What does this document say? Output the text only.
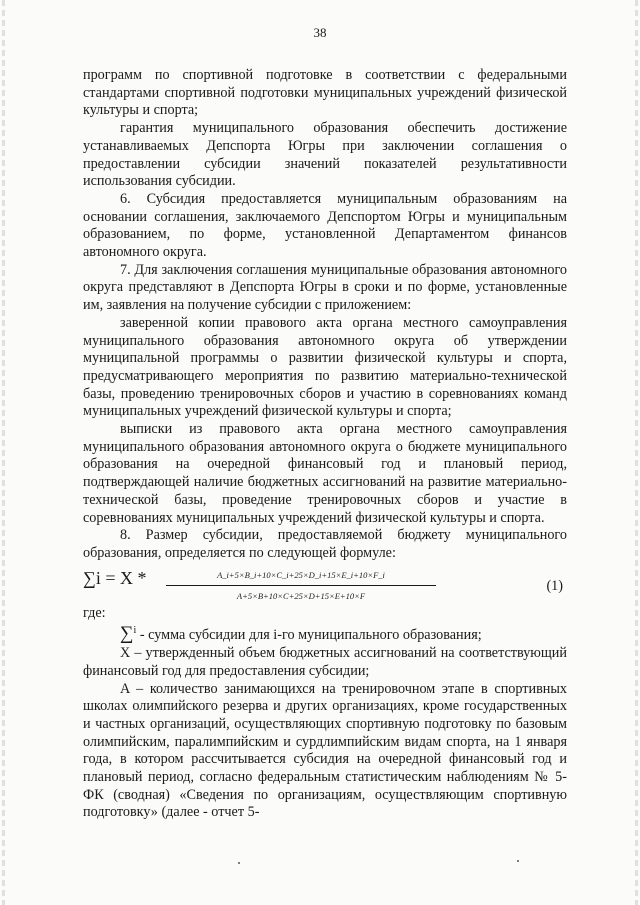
38

программ по спортивной подготовке в соответствии с федеральными стандартами спортивной подготовки муниципальных учреждений физической культуры и спорта;

гарантия муниципального образования обеспечить достижение устанавливаемых Депспорта Югры при заключении соглашения о предоставлении субсидии значений показателей результативности использования субсидии.

6. Субсидия предоставляется муниципальным образованиям на основании соглашения, заключаемого Депспортом Югры и муниципальным образованием, по форме, установленной Департаментом финансов автономного округа.

7. Для заключения соглашения муниципальные образования автономного округа представляют в Депспорта Югры в сроки и по форме, установленные им, заявления на получение субсидии с приложением:

заверенной копии правового акта органа местного самоуправления муниципального образования автономного округа об утверждении муниципальной программы о развитии физической культуры и спорта, предусматривающего мероприятия по развитию материально-технической базы, проведению тренировочных сборов и участию в соревнованиях команд муниципальных учреждений физической культуры и спорта;

выписки из правового акта органа местного самоуправления муниципального образования автономного округа о бюджете муниципального образования на очередной финансовый год и плановый период, подтверждающей наличие бюджетных ассигнований на развитие материально-технической базы, проведение тренировочных сборов и участие в соревнованиях муниципальных учреждений физической культуры и спорта.

8. Размер субсидии, предоставляемой бюджету муниципального образования, определяется по следующей формуле:

$\sum i = X * \frac{A\_i+5\times B\_i+10\times C\_i+25\times D\_i+15\times E\_i+10\times F\_i}{A+5\times B+10\times C+25\times D+15\times E+10\times F}$	(1)

где:

∑$^i$ - сумма субсидии для i-го муниципального образования;

X – утвержденный объем бюджетных ассигнований на соответствующий финансовый год для предоставления субсидии;

A – количество занимающихся на тренировочном этапе в спортивных школах олимпийского резерва и других организациях, кроме государственных и частных организаций, осуществляющих спортивную подготовку по базовым олимпийским, паралимпийским и сурдлимпийским видам спорта, на 1 января года, в котором рассчитывается субсидия на очередной финансовый год и плановый период, согласно федеральным статистическим наблюдениям № 5-ФК (сводная) «Сведения по организациям, осуществляющим спортивную подготовку» (далее - отчет 5-
